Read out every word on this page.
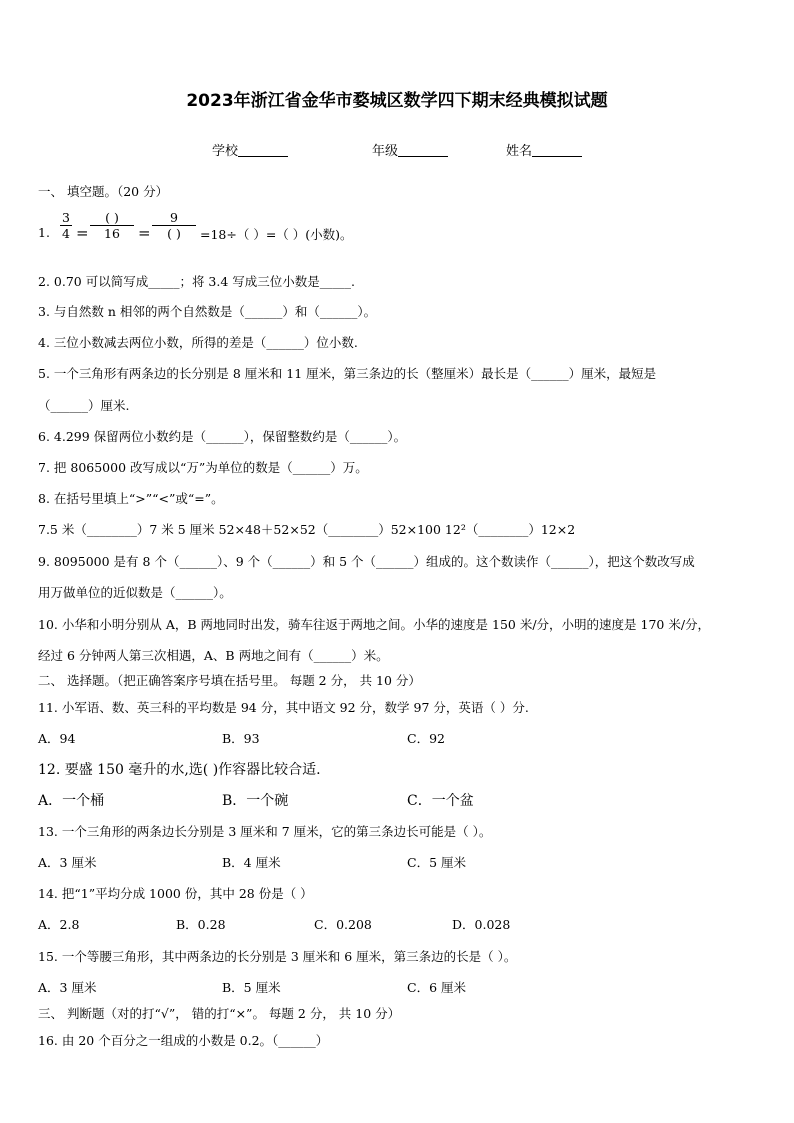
2023年浙江省金华市婺城区数学四下期末经典模拟试题
学校	年级	姓名
一、 填空题。（20 分）
1. $\frac{3}{4}$ =
( )
16	=
9
( )	=18÷（ ）=（ ）(小数)。
2. 0.70 可以简写成_____；将 3.4 写成三位小数是_____.
3. 与自然数 n 相邻的两个自然数是（______）和（______）。
4. 三位小数减去两位小数，所得的差是（______）位小数.
5. 一个三角形有两条边的长分别是 8 厘米和 11 厘米，第三条边的长（整厘米）最长是（______）厘米，最短是
（______）厘米.
6. 4.299 保留两位小数约是（______），保留整数约是（______）。
7. 把 8065000 改写成以“万”为单位的数是（______）万。
8. 在括号里填上“>”“<”或“=”。
7.5 米（________）7 米 5 厘米 52×48＋52×52（________）52×100 12²（________）12×2
9. 8095000 是有 8 个（______）、9 个（______）和 5 个（______）组成的。这个数读作（______），把这个数改写成
用万做单位的近似数是（______）。
10. 小华和小明分别从 A，B 两地同时出发，骑车往返于两地之间。小华的速度是 150 米/分，小明的速度是 170 米/分，
经过 6 分钟两人第三次相遇，A、B 两地之间有（______）米。
二、 选择题。（把正确答案序号填在括号里。 每题 2 分， 共 10 分）
11. 小军语、数、英三科的平均数是 94 分，其中语文 92 分，数学 97 分，英语（ ）分.
A．94	B．93	C．92
12. 要盛 150 毫升的水,选( )作容器比较合适.
A．一个桶	B．一个碗	C．一个盆
13. 一个三角形的两条边长分别是 3 厘米和 7 厘米，它的第三条边长可能是（ ）。
A．3 厘米	B．4 厘米	C．5 厘米
14. 把“1”平均分成 1000 份，其中 28 份是（ ）
A．2.8	B．0.28	C．0.208	D．0.028
15. 一个等腰三角形，其中两条边的长分别是 3 厘米和 6 厘米，第三条边的长是（ ）。
A．3 厘米	B．5 厘米	C．6 厘米
三、 判断题（对的打“√”， 错的打“×”。 每题 2 分， 共 10 分）
16. 由 20 个百分之一组成的小数是 0.2。（______）
